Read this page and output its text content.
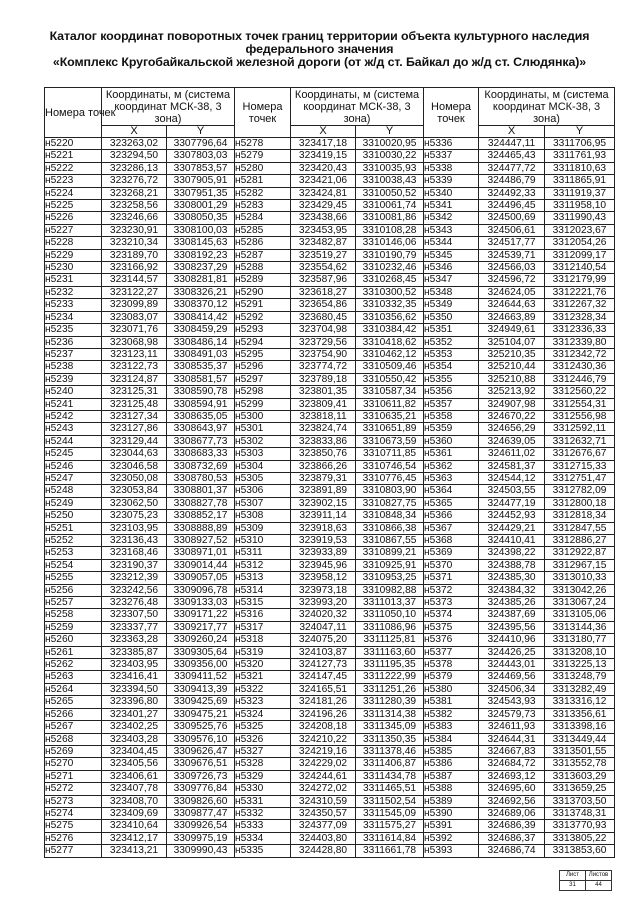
Каталог координат поворотных точек границ территории объекта культурного наследия
федерального значения
«Комплекс Кругобайкальской железной дороги (от ж/д ст. Байкал до ж/д ст. Слюдянка)»
Номера точек	Координаты, м (система координат МСК-38, 3 зона)		Номера точек	Координаты, м (система координат МСК-38, 3 зона)		Номера точек	Координаты, м (система координат МСК-38, 3 зона)	
	X	Y		X	Y		X	Y
н5220	323263,02	3307796,64	н5278	323417,18	3310020,95	н5336	324447,11	3311706,95
н5221	323294,50	3307803,03	н5279	323419,15	3310030,22	н5337	324465,43	3311761,93
н5222	323286,13	3307853,57	н5280	323420,43	3310035,93	н5338	324477,72	3311810,63
н5223	323276,72	3307905,91	н5281	323421,06	3310038,43	н5339	324486,79	3311865,91
н5224	323268,21	3307951,35	н5282	323424,81	3310050,52	н5340	324492,33	3311919,37
н5225	323258,56	3308001,29	н5283	323429,45	3310061,74	н5341	324496,45	3311958,10
н5226	323246,66	3308050,35	н5284	323438,66	3310081,86	н5342	324500,69	3311990,43
н5227	323230,91	3308100,03	н5285	323453,95	3310108,28	н5343	324506,61	3312023,67
н5228	323210,34	3308145,63	н5286	323482,87	3310146,06	н5344	324517,77	3312054,26
н5229	323189,70	3308192,23	н5287	323519,27	3310190,79	н5345	324539,71	3312099,17
н5230	323166,92	3308237,29	н5288	323554,62	3310232,46	н5346	324566,03	3312140,54
н5231	323144,57	3308281,81	н5289	323587,96	3310268,45	н5347	324596,72	3312179,99
н5232	323122,27	3308326,21	н5290	323618,27	3310300,52	н5348	324624,05	3312221,76
н5233	323099,89	3308370,12	н5291	323654,86	3310332,35	н5349	324644,63	3312267,32
н5234	323083,07	3308414,42	н5292	323680,45	3310356,62	н5350	324663,89	3312328,34
н5235	323071,76	3308459,29	н5293	323704,98	3310384,42	н5351	324949,61	3312336,33
н5236	323068,98	3308486,14	н5294	323729,56	3310418,62	н5352	325104,07	3312339,80
н5237	323123,11	3308491,03	н5295	323754,90	3310462,12	н5353	325210,35	3312342,72
н5238	323122,73	3308535,37	н5296	323774,72	3310509,46	н5354	325210,44	3312430,36
н5239	323124,87	3308581,57	н5297	323789,18	3310550,42	н5355	325210,88	3312446,79
н5240	323125,31	3308590,78	н5298	323801,35	3310587,34	н5356	325213,92	3312560,22
н5241	323125,48	3308594,91	н5299	323809,41	3310611,82	н5357	324907,98	3312554,31
н5242	323127,34	3308635,05	н5300	323818,11	3310635,21	н5358	324670,22	3312556,98
н5243	323127,86	3308643,97	н5301	323824,74	3310651,89	н5359	324656,29	3312592,11
н5244	323129,44	3308677,73	н5302	323833,86	3310673,59	н5360	324639,05	3312632,71
н5245	323044,63	3308683,33	н5303	323850,76	3310711,85	н5361	324611,02	3312676,67
н5246	323046,58	3308732,69	н5304	323866,26	3310746,54	н5362	324581,37	3312715,33
н5247	323050,08	3308780,53	н5305	323879,31	3310776,45	н5363	324544,12	3312751,47
н5248	323053,84	3308801,37	н5306	323891,89	3310803,90	н5364	324503,55	3312782,09
н5249	323062,50	3308827,78	н5307	323902,15	3310827,75	н5365	324477,19	3312800,18
н5250	323075,23	3308852,17	н5308	323911,14	3310848,34	н5366	324452,93	3312818,34
н5251	323103,95	3308888,89	н5309	323918,63	3310866,38	н5367	324429,21	3312847,55
н5252	323136,43	3308927,52	н5310	323919,53	3310867,55	н5368	324410,41	3312886,27
н5253	323168,46	3308971,01	н5311	323933,89	3310899,21	н5369	324398,22	3312922,87
н5254	323190,37	3309014,44	н5312	323945,96	3310925,91	н5370	324388,78	3312967,15
н5255	323212,39	3309057,05	н5313	323958,12	3310953,25	н5371	324385,30	3313010,33
н5256	323242,56	3309096,78	н5314	323973,18	3310982,88	н5372	324384,32	3313042,26
н5257	323276,48	3309133,03	н5315	323993,20	3311013,37	н5373	324385,26	3313067,24
н5258	323307,50	3309171,22	н5316	324020,32	3311050,10	н5374	324387,69	3313105,06
н5259	323337,77	3309217,77	н5317	324047,11	3311086,96	н5375	324395,56	3313144,36
н5260	323363,28	3309260,24	н5318	324075,20	3311125,81	н5376	324410,96	3313180,77
н5261	323385,87	3309305,64	н5319	324103,87	3311163,60	н5377	324426,25	3313208,10
н5262	323403,95	3309356,00	н5320	324127,73	3311195,35	н5378	324443,01	3313225,13
н5263	323416,41	3309411,52	н5321	324147,45	3311222,99	н5379	324469,56	3313248,79
н5264	323394,50	3309413,39	н5322	324165,51	3311251,26	н5380	324506,34	3313282,49
н5265	323396,80	3309425,69	н5323	324181,26	3311280,39	н5381	324543,93	3313316,12
н5266	323401,27	3309475,21	н5324	324196,26	3311314,38	н5382	324579,73	3313356,61
н5267	323402,25	3309525,76	н5325	324208,18	3311345,09	н5383	324611,93	3313398,16
н5268	323403,28	3309576,10	н5326	324210,22	3311350,35	н5384	324644,31	3313449,44
н5269	323404,45	3309626,47	н5327	324219,16	3311378,46	н5385	324667,83	3313501,55
н5270	323405,56	3309676,51	н5328	324229,02	3311406,87	н5386	324684,72	3313552,78
н5271	323406,61	3309726,73	н5329	324244,61	3311434,78	н5387	324693,12	3313603,29
н5272	323407,78	3309776,84	н5330	324272,02	3311465,51	н5388	324695,60	3313659,25
н5273	323408,70	3309826,60	н5331	324310,59	3311502,54	н5389	324692,56	3313703,50
н5274	323409,69	3309877,47	н5332	324350,57	3311545,09	н5390	324689,06	3313748,31
н5275	323410,64	3309926,54	н5333	324377,09	3311575,27	н5391	324686,39	3313770,93
н5276	323412,17	3309975,19	н5334	324403,80	3311614,84	н5392	324686,37	3313805,22
н5277	323413,21	3309990,43	н5335	324428,80	3311661,78	н5393	324686,74	3313853,60
Лист	Листов
31	44
